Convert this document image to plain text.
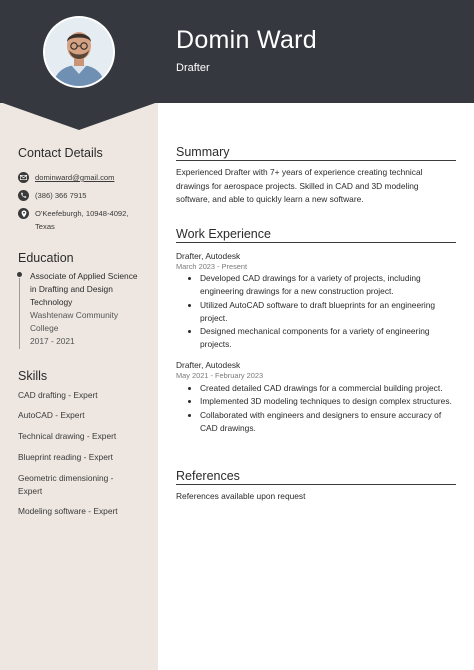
Domin Ward
Drafter
Contact Details
dominward@gmail.com
(386) 366 7915
O'Keefeburgh, 10948-4092,
Texas
Education
Associate of Applied Science
in Drafting and Design
Technology
Washtenaw Community
College
2017 - 2021
Skills
CAD drafting - Expert
AutoCAD - Expert
Technical drawing - Expert
Blueprint reading - Expert
Geometric dimensioning -
Expert
Modeling software - Expert
Summary
Experienced Drafter with 7+ years of experience creating technical
drawings for aerospace projects. Skilled in CAD and 3D modeling
software, and able to quickly learn a new software.
Work Experience
Drafter, Autodesk
March 2023 - Present
• Developed CAD drawings for a variety of projects, including engineering drawings for a new construction project.
• Utilized AutoCAD software to draft blueprints for an engineering project.
• Designed mechanical components for a variety of engineering projects.
Drafter, Autodesk
May 2021 - February 2023
• Created detailed CAD drawings for a commercial building project.
• Implemented 3D modeling techniques to design complex structures.
• Collaborated with engineers and designers to ensure accuracy of CAD drawings.
References
References available upon request
